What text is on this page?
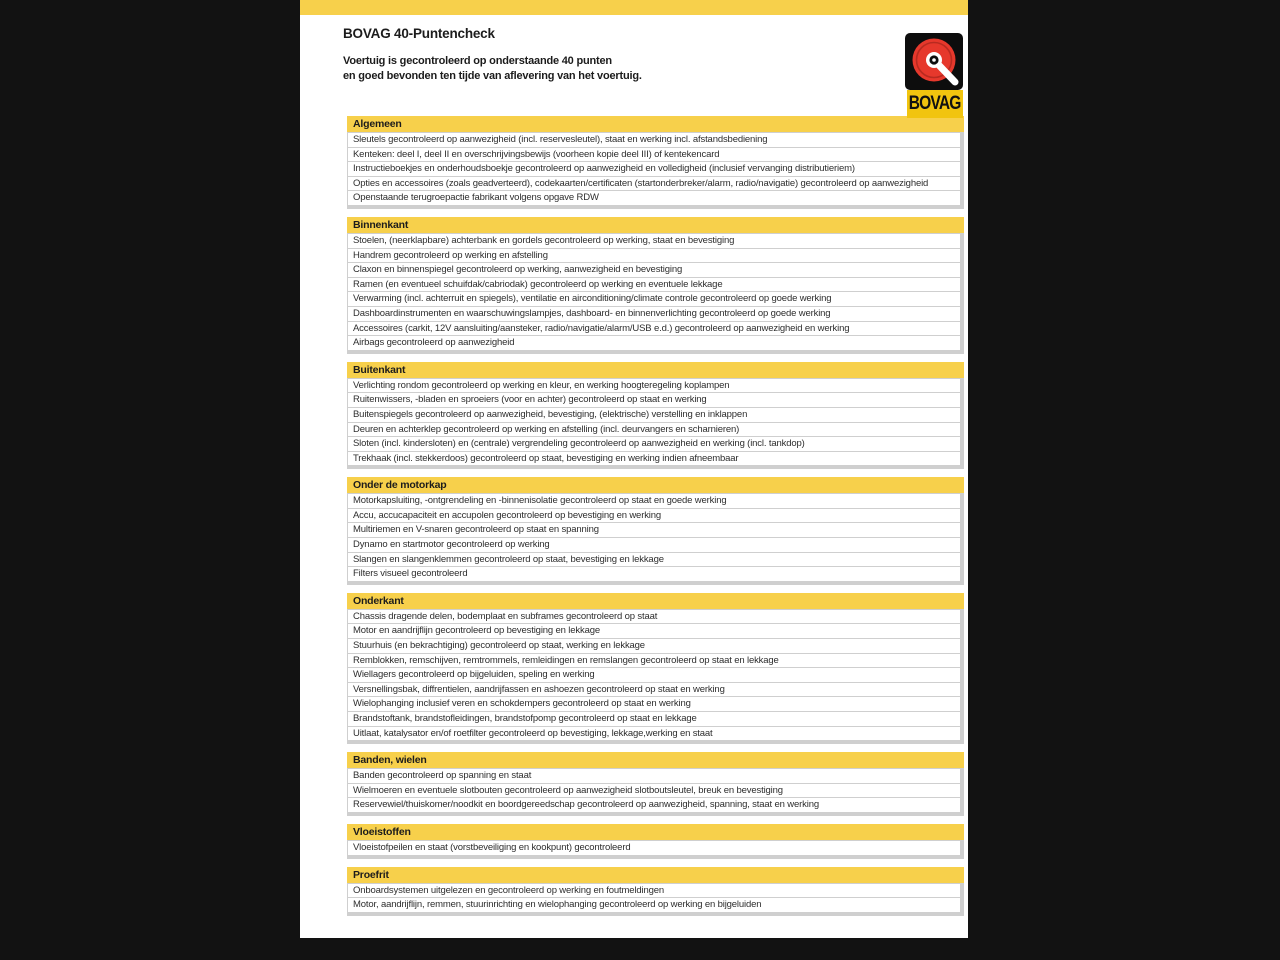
BOVAG 40-Puntencheck
Voertuig is gecontroleerd op onderstaande 40 punten
en goed bevonden ten tijde van aflevering van het voertuig.
BOVAG
Algemeen
Sleutels gecontroleerd op aanwezigheid (incl. reservesleutel), staat en werking incl. afstandsbediening
Kenteken: deel I, deel II en overschrijvingsbewijs (voorheen kopie deel III) of kentekencard
Instructieboekjes en onderhoudsboekje gecontroleerd op aanwezigheid en volledigheid (inclusief vervanging distributieriem)
Opties en accessoires (zoals geadverteerd), codekaarten/certificaten (startonderbreker/alarm, radio/navigatie) gecontroleerd op aanwezigheid
Openstaande terugroepactie fabrikant volgens opgave RDW
Binnenkant
Stoelen, (neerklapbare) achterbank en gordels gecontroleerd op werking, staat en bevestiging
Handrem gecontroleerd op werking en afstelling
Claxon en binnenspiegel gecontroleerd op werking, aanwezigheid en bevestiging
Ramen (en eventueel schuifdak/cabriodak) gecontroleerd op werking en eventuele lekkage
Verwarming (incl. achterruit en spiegels), ventilatie en airconditioning/climate controle gecontroleerd op goede werking
Dashboardinstrumenten en waarschuwingslampjes, dashboard- en binnenverlichting gecontroleerd op goede werking
Accessoires (carkit, 12V aansluiting/aansteker, radio/navigatie/alarm/USB e.d.) gecontroleerd op aanwezigheid en werking
Airbags gecontroleerd op aanwezigheid
Buitenkant
Verlichting rondom gecontroleerd op werking en kleur, en werking hoogteregeling koplampen
Ruitenwissers, -bladen en sproeiers (voor en achter) gecontroleerd op staat en werking
Buitenspiegels gecontroleerd op aanwezigheid, bevestiging, (elektrische) verstelling en inklappen
Deuren en achterklep gecontroleerd op werking en afstelling (incl. deurvangers en scharnieren)
Sloten (incl. kindersloten) en (centrale) vergrendeling gecontroleerd op aanwezigheid en werking (incl. tankdop)
Trekhaak (incl. stekkerdoos) gecontroleerd op staat, bevestiging en werking indien afneembaar
Onder de motorkap
Motorkapsluiting, -ontgrendeling en -binnenisolatie gecontroleerd op staat en goede werking
Accu, accucapaciteit en accupolen gecontroleerd op bevestiging en werking
Multiriemen en V-snaren gecontroleerd op staat en spanning
Dynamo en startmotor gecontroleerd op werking
Slangen en slangenklemmen gecontroleerd op staat, bevestiging en lekkage
Filters visueel gecontroleerd
Onderkant
Chassis dragende delen, bodemplaat en subframes gecontroleerd op staat
Motor en aandrijflijn gecontroleerd op bevestiging en lekkage
Stuurhuis (en bekrachtiging) gecontroleerd op staat, werking en lekkage
Remblokken, remschijven, remtrommels, remleidingen en remslangen gecontroleerd op staat en lekkage
Wiellagers gecontroleerd op bijgeluiden, speling en werking
Versnellingsbak, diffrentielen, aandrijfassen en ashoezen gecontroleerd op staat en werking
Wielophanging inclusief veren en schokdempers gecontroleerd op staat en werking
Brandstoftank, brandstofleidingen, brandstofpomp gecontroleerd op staat en lekkage
Uitlaat, katalysator en/of roetfilter gecontroleerd op bevestiging, lekkage,werking en staat
Banden, wielen
Banden gecontroleerd op spanning en staat
Wielmoeren en eventuele slotbouten gecontroleerd op aanwezigheid slotboutsleutel, breuk en bevestiging
Reservewiel/thuiskomer/noodkit en boordgereedschap gecontroleerd op aanwezigheid, spanning, staat en werking
Vloeistoffen
Vloeistofpeilen en staat (vorstbeveiliging en kookpunt) gecontroleerd
Proefrit
Onboardsystemen uitgelezen en gecontroleerd op werking en foutmeldingen
Motor, aandrijflijn, remmen, stuurinrichting en wielophanging gecontroleerd op werking en bijgeluiden
